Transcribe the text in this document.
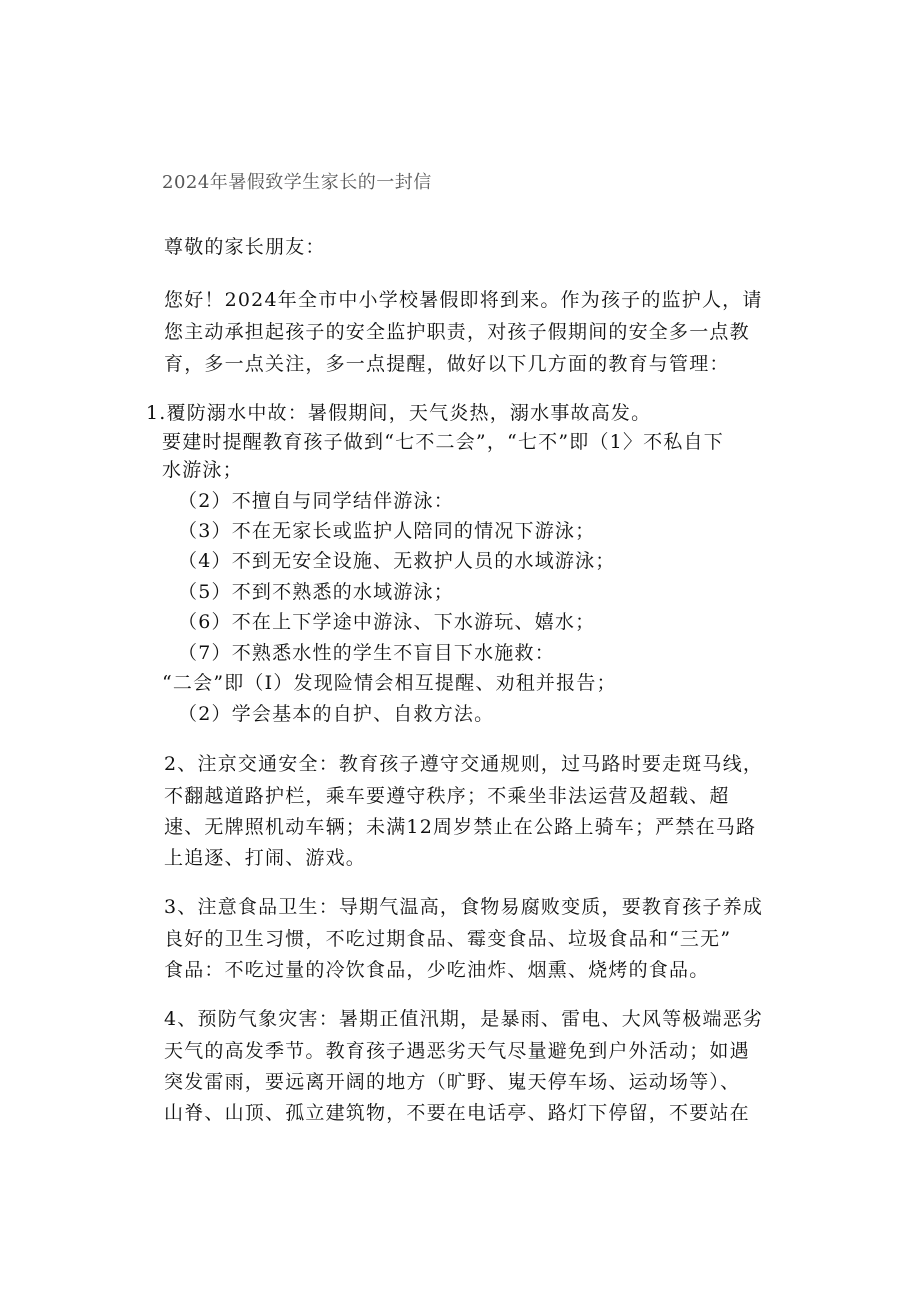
2024年暑假致学生家长的一封信
尊敬的家长朋友：
您好！2024年全市中小学校暑假即将到来。作为孩子的监护人，请
您主动承担起孩子的安全监护职责，对孩子假期间的安全多一点教
育，多一点关注，多一点提醒，做好以下几方面的教育与管理：
1.覆防溺水中故：暑假期间，天气炎热，溺水事故高发。
要建时提醒教育孩子做到“七不二会”，“七不”即（1〉不私自下
水游泳；
（2）不擅自与同学结伴游泳：
（3）不在无家长或监护人陪同的情况下游泳；
（4）不到无安全设施、无救护人员的水域游泳；
（5）不到不熟悉的水域游泳；
（6）不在上下学途中游泳、下水游玩、嬉水；
（7）不熟悉水性的学生不盲目下水施救：
“二会”即（I）发现险情会相互提醒、劝租并报告；
（2）学会基本的自护、自救方法。
2、注京交通安全：教育孩子遵守交通规则，过马路时要走斑马线，
不翻越道路护栏，乘车要遵守秩序；不乘坐非法运营及超载、超
速、无牌照机动车辆；未满12周岁禁止在公路上骑车；严禁在马路
上追逐、打闹、游戏。
3、注意食品卫生：导期气温高，食物易腐败变质，要教育孩子养成
良好的卫生习惯，不吃过期食品、霉变食品、垃圾食品和“三无”
食品：不吃过量的冷饮食品，少吃油炸、烟熏、烧烤的食品。
4、预防气象灾害：暑期正值汛期，是暴雨、雷电、大风等极端恶劣
天气的高发季节。教育孩子遇恶劣天气尽量避免到户外活动；如遇
突发雷雨，要远离开阔的地方（旷野、嵬天停车场、运动场等）、
山脊、山顶、孤立建筑物，不要在电话亭、路灯下停留，不要站在
